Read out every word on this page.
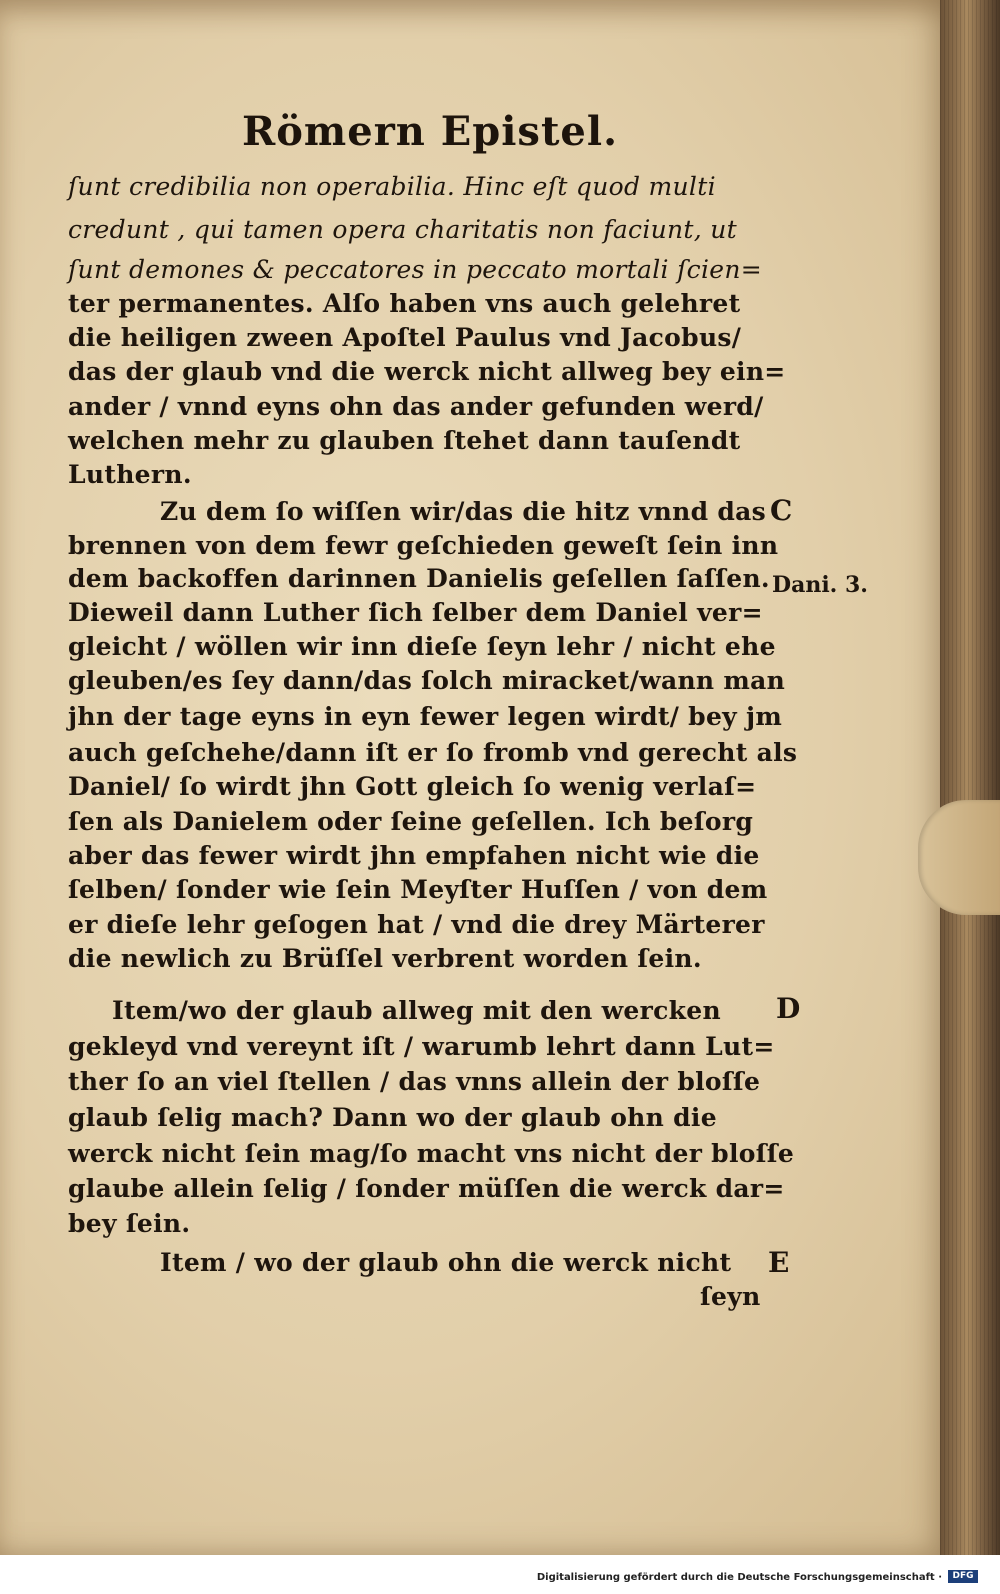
Römern Epistel.
ſunt credibilia non operabilia. Hinc eſt quod multi
credunt , qui tamen opera charitatis non faciunt, ut
ſunt demones & peccatores in peccato mortali ſcien=
ter permanentes. Alſo haben vns auch gelehret
die heiligen zween Apoſtel Paulus vnd Jacobus/
das der glaub vnd die werck nicht allweg bey ein=
ander / vnnd eyns ohn das ander gefunden werd/
welchen mehr zu glauben ſtehet dann tauſendt
Luthern.
Zu dem ſo wiſſen wir/das die hitz vnnd das
brennen von dem fewr geſchieden geweſt ſein inn
dem backoffen darinnen Danielis geſellen ſaſſen.
Dieweil dann Luther ſich ſelber dem Daniel ver=
gleicht / wöllen wir inn dieſe ſeyn lehr / nicht ehe
gleuben/es ſey dann/das ſolch miracket/wann man
jhn der tage eyns in eyn fewer legen wirdt/ bey jm
auch geſchehe/dann iſt er ſo fromb vnd gerecht als
Daniel/ ſo wirdt jhn Gott gleich ſo wenig verlaſ=
ſen als Danielem oder ſeine geſellen. Ich beſorg
aber das fewer wirdt jhn empfahen nicht wie die
ſelben/ ſonder wie ſein Meyſter Huſſen / von dem
er dieſe lehr geſogen hat / vnd die drey Märterer
die newlich zu Brüſſel verbrent worden ſein.
Item/wo der glaub allweg mit den wercken
gekleyd vnd vereynt iſt / warumb lehrt dann Lut=
ther ſo an viel ſtellen / das vnns allein der bloſſe
glaub ſelig mach? Dann wo der glaub ohn die
werck nicht ſein mag/ſo macht vns nicht der bloſſe
glaube allein ſelig / ſonder müſſen die werck dar=
bey ſein.
Item / wo der glaub ohn die werck nicht
ſeyn
C
Dani. 3.
D
E
Digitalisierung gefördert durch die Deutsche Forschungsgemeinschaft ·	DFG
